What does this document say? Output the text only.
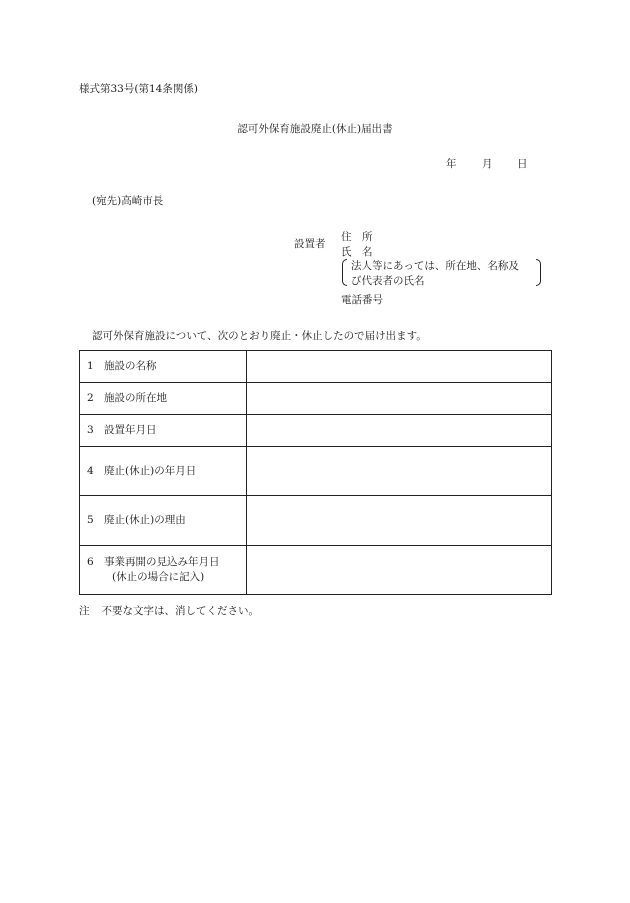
様式第33号(第14条関係)
認可外保育施設廃止(休止)届出書
年 月 日
(宛先)高崎市長
設置者
住　所
氏　名
法人等にあっては、所在地、名称及
び代表者の氏名
電話番号
認可外保育施設について、次のとおり廃止・休止したので届け出ます。
1 施設の名称	
2 施設の所在地	
3 設置年月日	
4 廃止(休止)の年月日	
5 廃止(休止)の理由	

6 事業再開の見込み年月日
(休止の場合に記入)	

注 不要な文字は、消してください。
